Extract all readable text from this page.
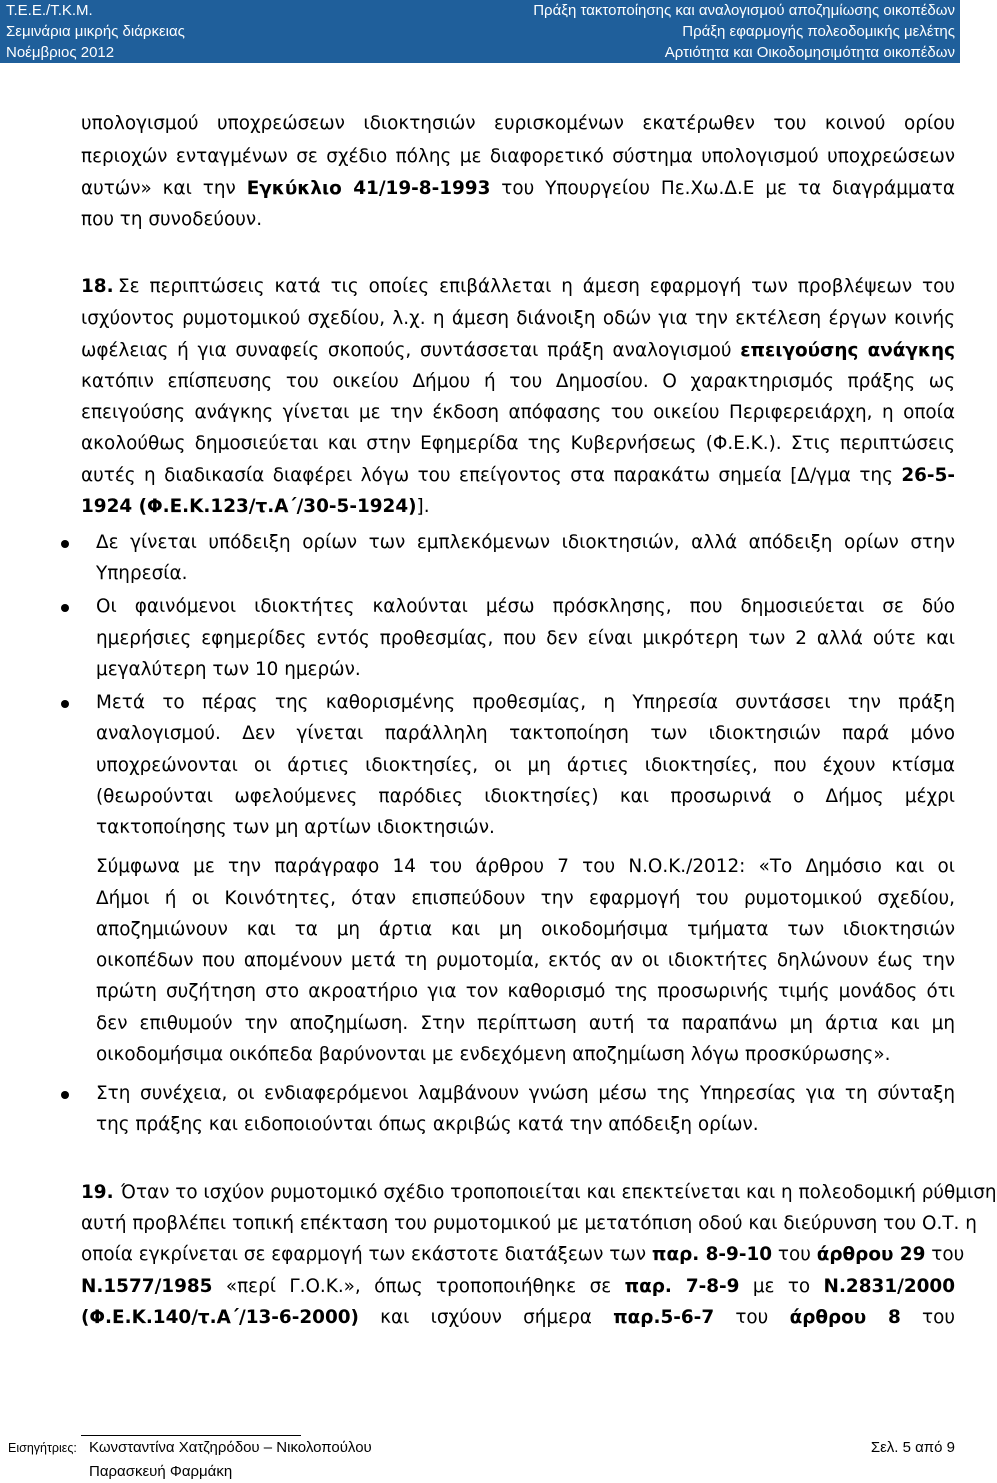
Τ.Ε.Ε./Τ.Κ.Μ.
Σεμινάρια μικρής διάρκειας
Νοέμβριος 2012
Πράξη τακτοποίησης και αναλογισμού αποζημίωσης οικοπέδων
Πράξη εφαρμογής πολεοδομικής μελέτης
Αρτιότητα και Οικοδομησιμότητα οικοπέδων
υπολογισμού υποχρεώσεων ιδιοκτησιών ευρισκομένων εκατέρωθεν του κοινού ορίου
περιοχών ενταγμένων σε σχέδιο πόλης με διαφορετικό σύστημα υπολογισμού υποχρεώσεων
αυτών» και την Εγκύκλιο 41/19-8-1993 του Υπουργείου Πε.Χω.Δ.Ε με τα διαγράμματα
που τη συνοδεύουν.
18. Σε περιπτώσεις κατά τις οποίες επιβάλλεται η άμεση εφαρμογή των προβλέψεων του
ισχύοντος ρυμοτομικού σχεδίου, λ.χ. η άμεση διάνοιξη οδών για την εκτέλεση έργων κοινής
ωφέλειας ή για συναφείς σκοπούς, συντάσσεται πράξη αναλογισμού επειγούσης ανάγκης
κατόπιν επίσπευσης του οικείου Δήμου ή του Δημοσίου. Ο χαρακτηρισμός πράξης ως
επειγούσης ανάγκης γίνεται με την έκδοση απόφασης του οικείου Περιφερειάρχη, η οποία
ακολούθως δημοσιεύεται και στην Εφημερίδα της Κυβερνήσεως (Φ.Ε.Κ.). Στις περιπτώσεις
αυτές η διαδικασία διαφέρει λόγω του επείγοντος στα παρακάτω σημεία [Δ/γμα της 26-5-
1924 (Φ.Ε.Κ.123/τ.Α΄/30-5-1924)].
Δε γίνεται υπόδειξη ορίων των εμπλεκόμενων ιδιοκτησιών, αλλά απόδειξη ορίων στην
Υπηρεσία.
Οι φαινόμενοι ιδιοκτήτες καλούνται μέσω πρόσκλησης, που δημοσιεύεται σε δύο
ημερήσιες εφημερίδες εντός προθεσμίας, που δεν είναι μικρότερη των 2 αλλά ούτε και
μεγαλύτερη των 10 ημερών.
Μετά το πέρας της καθορισμένης προθεσμίας, η Υπηρεσία συντάσσει την πράξη
αναλογισμού. Δεν γίνεται παράλληλη τακτοποίηση των ιδιοκτησιών παρά μόνο
υποχρεώνονται οι άρτιες ιδιοκτησίες, οι μη άρτιες ιδιοκτησίες, που έχουν κτίσμα
(θεωρούνται ωφελούμενες παρόδιες ιδιοκτησίες) και προσωρινά ο Δήμος μέχρι
τακτοποίησης των μη αρτίων ιδιοκτησιών.
Σύμφωνα με την παράγραφο 14 του άρθρου 7 του Ν.Ο.Κ./2012: «Το Δημόσιο και οι
Δήμοι ή οι Κοινότητες, όταν επισπεύδουν την εφαρμογή του ρυμοτομικού σχεδίου,
αποζημιώνουν και τα μη άρτια και μη οικοδομήσιμα τμήματα των ιδιοκτησιών
οικοπέδων που απομένουν μετά τη ρυμοτομία, εκτός αν οι ιδιοκτήτες δηλώνουν έως την
πρώτη συζήτηση στο ακροατήριο για τον καθορισμό της προσωρινής τιμής μονάδος ότι
δεν επιθυμούν την αποζημίωση. Στην περίπτωση αυτή τα παραπάνω μη άρτια και μη
οικοδομήσιμα οικόπεδα βαρύνονται με ενδεχόμενη αποζημίωση λόγω προσκύρωσης».
Στη συνέχεια, οι ενδιαφερόμενοι λαμβάνουν γνώση μέσω της Υπηρεσίας για τη σύνταξη
της πράξης και ειδοποιούνται όπως ακριβώς κατά την απόδειξη ορίων.
19. Όταν το ισχύον ρυμοτομικό σχέδιο τροποποιείται και επεκτείνεται και η πολεοδομική ρύθμιση
αυτή προβλέπει τοπική επέκταση του ρυμοτομικού με μετατόπιση οδού και διεύρυνση του Ο.Τ. η
οποία εγκρίνεται σε εφαρμογή των εκάστοτε διατάξεων των παρ. 8-9-10 του άρθρου 29 του
Ν.1577/1985 «περί Γ.Ο.Κ.», όπως τροποποιήθηκε σε παρ. 7-8-9 με το Ν.2831/2000
(Φ.Ε.Κ.140/τ.Α΄/13-6-2000) και ισχύουν σήμερα παρ.5-6-7 του άρθρου 8 του
Εισηγήτριες: Κωνσταντίνα Χατζηρόδου – Νικολοπούλου
Παρασκευή Φαρμάκη
Σελ. 5 από 9
